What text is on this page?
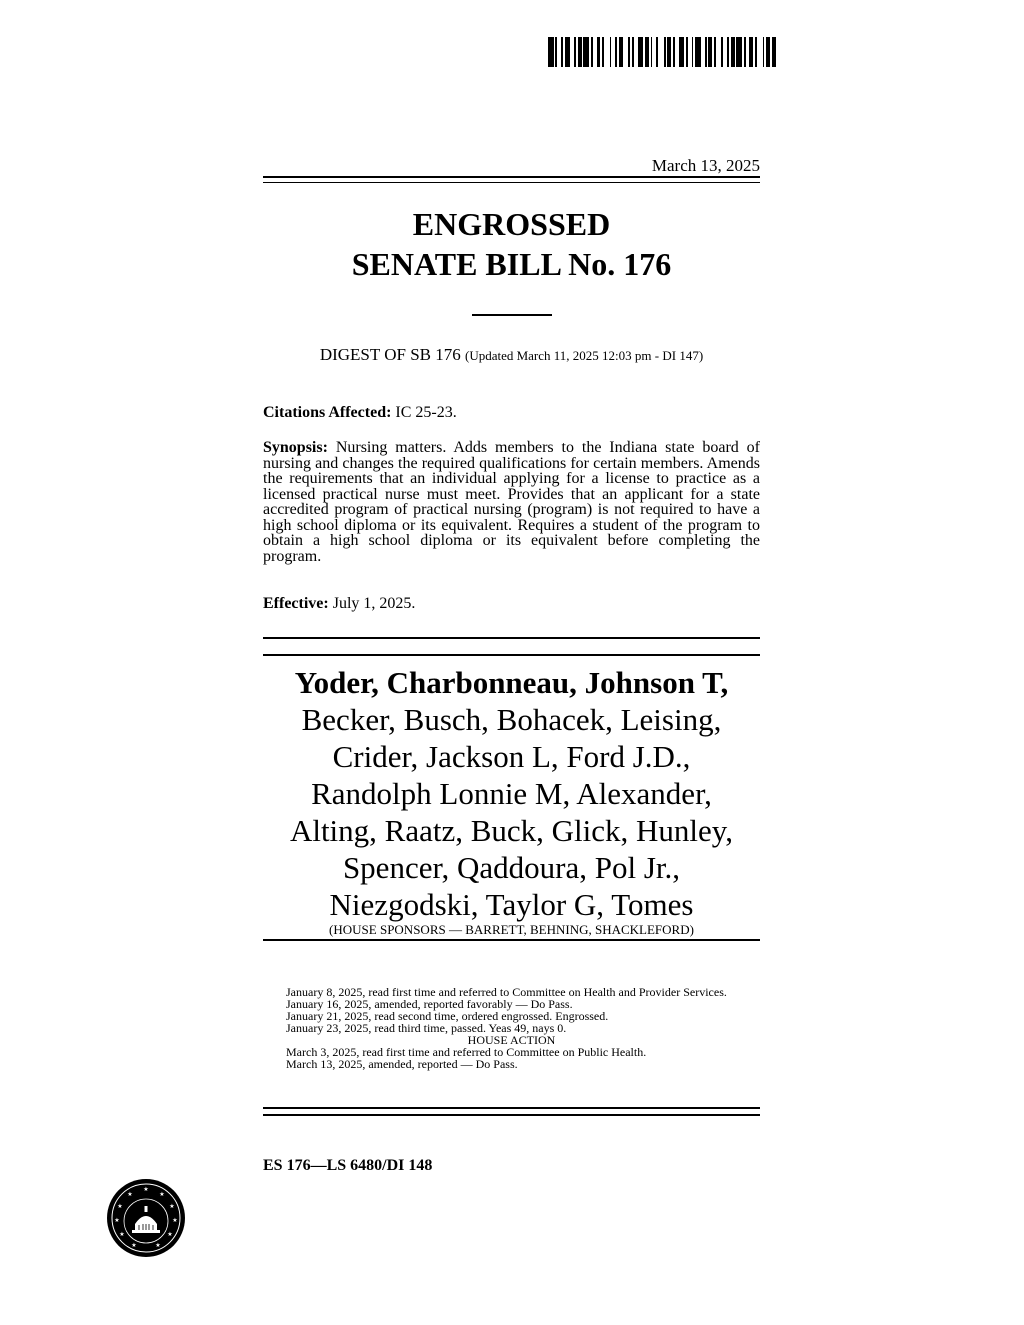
March 13, 2025
ENGROSSED
SENATE BILL No. 176
DIGEST OF SB 176 (Updated March 11, 2025 12:03 pm - DI 147)
Citations Affected: IC 25-23.
Synopsis: Nursing matters. Adds members to the Indiana state board of nursing and changes the required qualifications for certain members. Amends the requirements that an individual applying for a license to practice as a licensed practical nurse must meet. Provides that an applicant for a state accredited program of practical nursing (program) is not required to have a high school diploma or its equivalent. Requires a student of the program to obtain a high school diploma or its equivalent before completing the program.
Effective: July 1, 2025.
Yoder, Charbonneau, Johnson T,
Becker, Busch, Bohacek, Leising,
Crider, Jackson L, Ford J.D.,
Randolph Lonnie M, Alexander,
Alting, Raatz, Buck, Glick, Hunley,
Spencer, Qaddoura, Pol Jr.,
Niezgodski, Taylor G, Tomes
(HOUSE SPONSORS — BARRETT, BEHNING, SHACKLEFORD)

January 8, 2025, read first time and referred to Committee on Health and Provider Services.

January 16, 2025, amended, reported favorably — Do Pass.

January 21, 2025, read second time, ordered engrossed. Engrossed.

January 23, 2025, read third time, passed. Yeas 49, nays 0.

HOUSE ACTION

March 3, 2025, read first time and referred to Committee on Public Health.

March 13, 2025, amended, reported — Do Pass.

ES 176—LS 6480/DI 148
★
★
★
★
★
★
★
★
★
★
★
